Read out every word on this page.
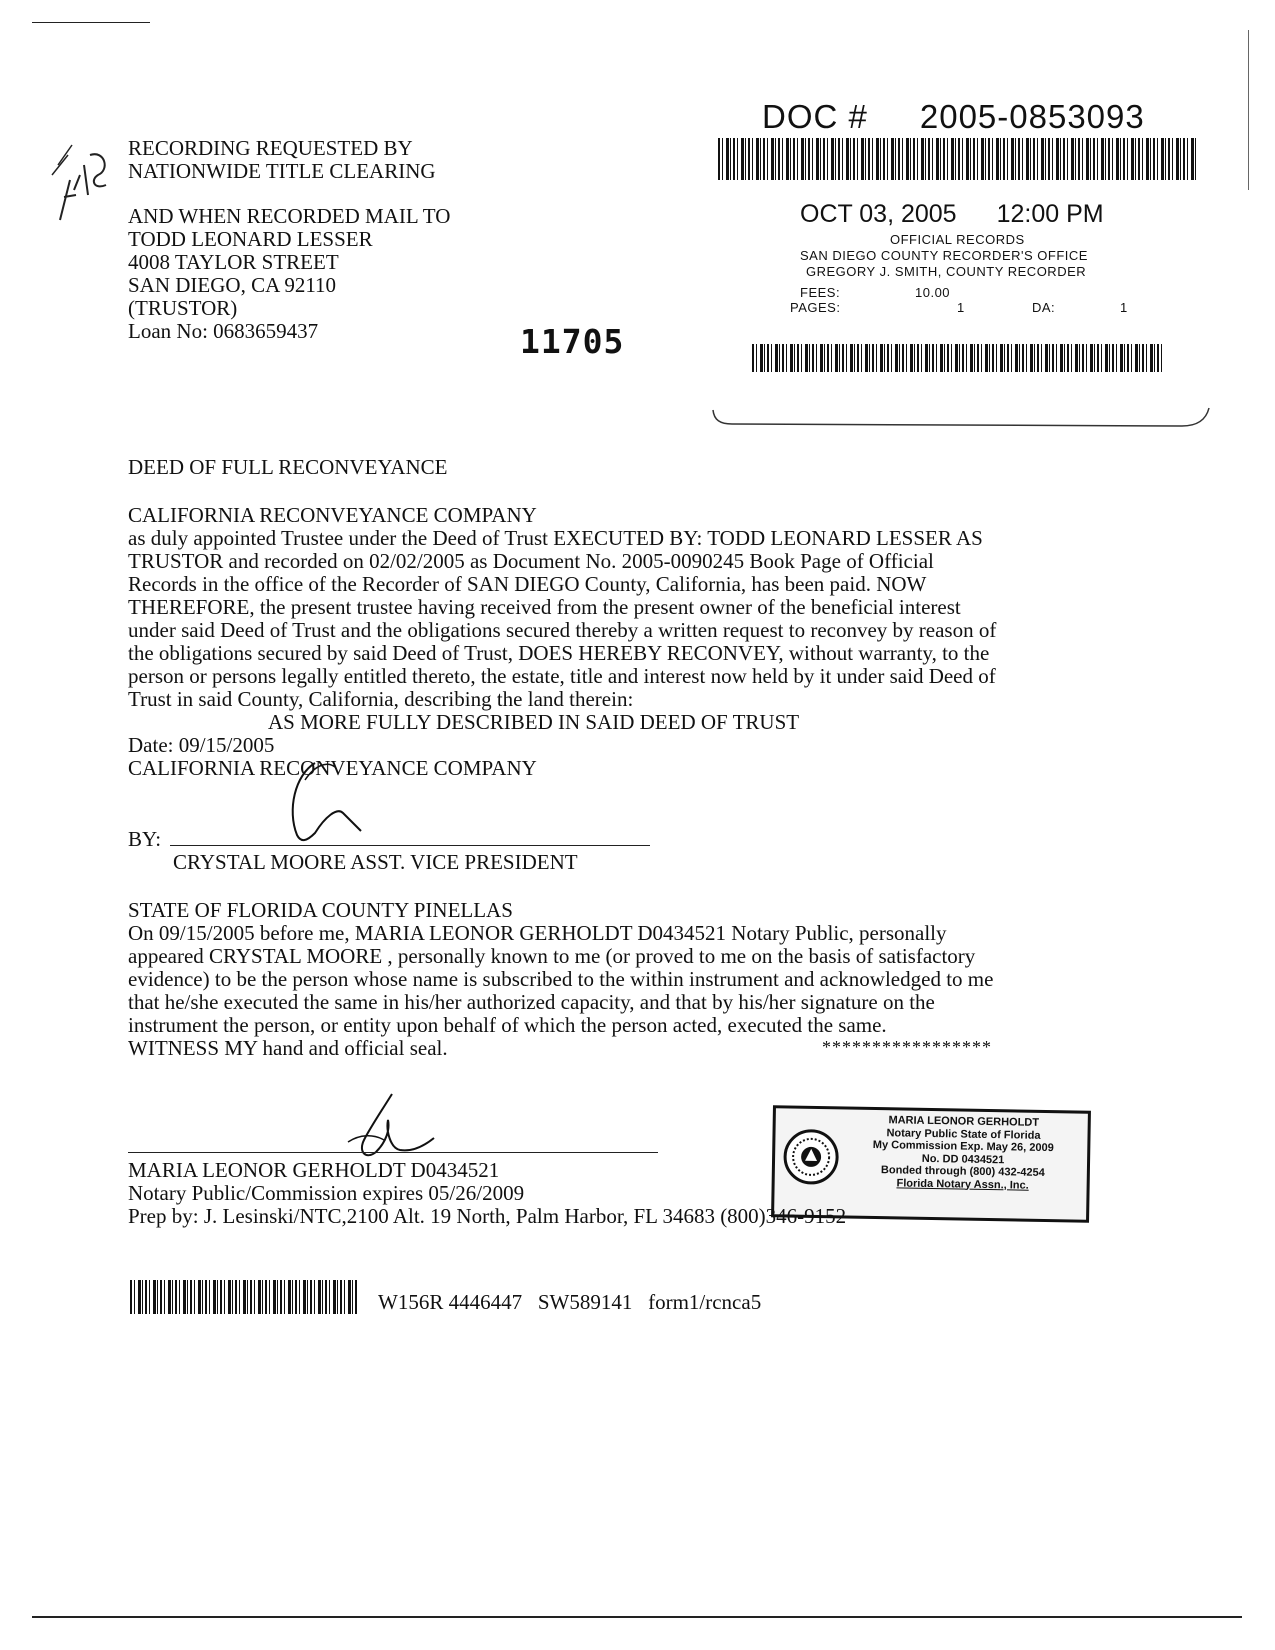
RECORDING REQUESTED BY
NATIONWIDE TITLE CLEARING
AND WHEN RECORDED MAIL TO
TODD LEONARD LESSER
4008 TAYLOR STREET
SAN DIEGO, CA 92110
(TRUSTOR)
Loan No: 0683659437	11705
DOC # 2005-0853093
OCT 03, 2005 12:00 PM
OFFICIAL RECORDS
SAN DIEGO COUNTY RECORDER'S OFFICE
GREGORY J. SMITH, COUNTY RECORDER
FEES:	10.00
PAGES:	1	DA:	1
DEED OF FULL RECONVEYANCE
CALIFORNIA RECONVEYANCE COMPANY
as duly appointed Trustee under the Deed of Trust EXECUTED BY: TODD LEONARD LESSER AS
TRUSTOR and recorded on 02/02/2005 as Document No. 2005-0090245 Book Page of Official
Records in the office of the Recorder of SAN DIEGO County, California, has been paid. NOW
THEREFORE, the present trustee having received from the present owner of the beneficial interest
under said Deed of Trust and the obligations secured thereby a written request to reconvey by reason of
the obligations secured by said Deed of Trust, DOES HEREBY RECONVEY, without warranty, to the
person or persons legally entitled thereto, the estate, title and interest now held by it under said Deed of
Trust in said County, California, describing the land therein:
AS MORE FULLY DESCRIBED IN SAID DEED OF TRUST
Date: 09/15/2005
CALIFORNIA RECONVEYANCE COMPANY
BY:
CRYSTAL MOORE ASST. VICE PRESIDENT
STATE OF FLORIDA COUNTY PINELLAS
On 09/15/2005 before me, MARIA LEONOR GERHOLDT D0434521 Notary Public, personally
appeared CRYSTAL MOORE , personally known to me (or proved to me on the basis of satisfactory
evidence) to be the person whose name is subscribed to the within instrument and acknowledged to me
that he/she executed the same in his/her authorized capacity, and that by his/her signature on the
instrument the person, or entity upon behalf of which the person acted, executed the same.
WITNESS MY hand and official seal.	*****************
MARIA LEONOR GERHOLDT
Notary Public State of Florida
My Commission Exp. May 26, 2009
No. DD 0434521
Bonded through (800) 432-4254
Florida Notary Assn., Inc.
MARIA LEONOR GERHOLDT D0434521
Notary Public/Commission expires 05/26/2009
Prep by: J. Lesinski/NTC,2100 Alt. 19 North, Palm Harbor, FL 34683 (800)346-9152
W156R 4446447   SW589141   form1/rcnca5
